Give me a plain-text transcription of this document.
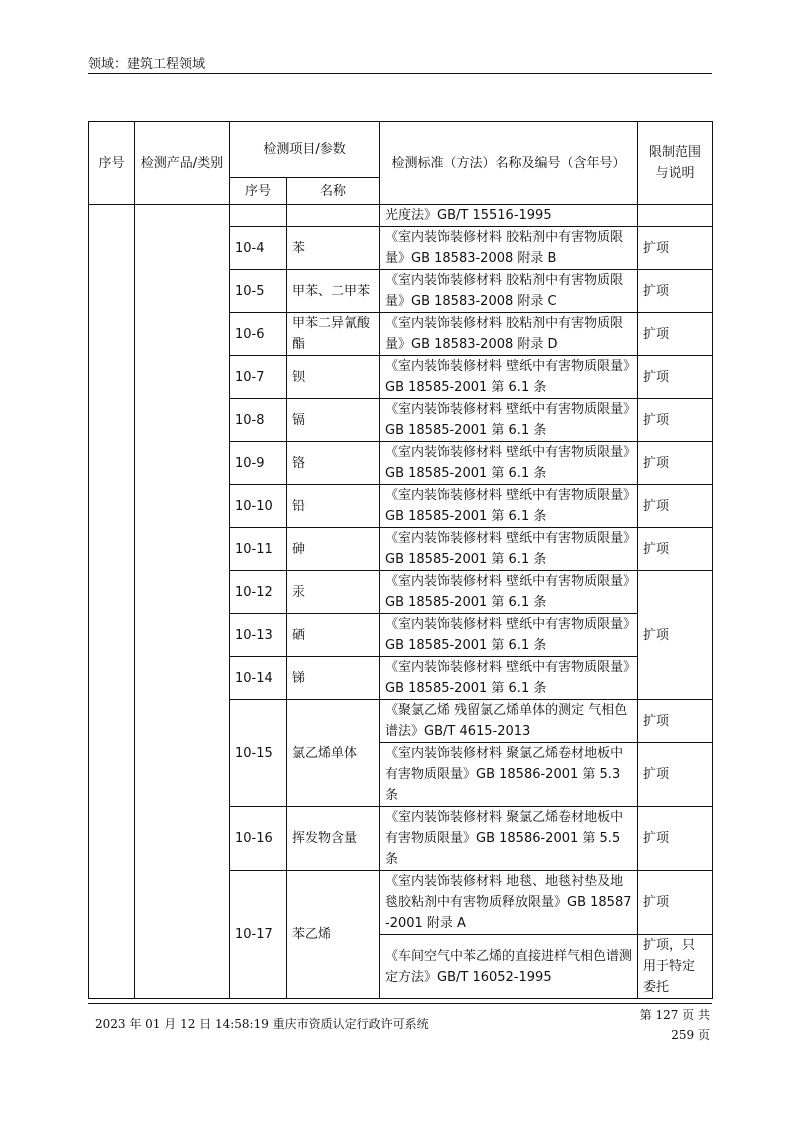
领域：建筑工程领域
序号	检测产品/类别	检测项目/参数		检测标准（方法）名称及编号（含年号）	限制范围与说明
		序号	名称		
				光度法》GB/T 15516-1995	
		10-4	苯	《室内装饰装修材料 胶粘剂中有害物质限量》GB 18583-2008 附录 B	扩项
		10-5	甲苯、二甲苯	《室内装饰装修材料 胶粘剂中有害物质限量》GB 18583-2008 附录 C	扩项
		10-6	甲苯二异氰酸酯	《室内装饰装修材料 胶粘剂中有害物质限量》GB 18583-2008 附录 D	扩项
		10-7	钡	《室内装饰装修材料 壁纸中有害物质限量》GB 18585-2001 第 6.1 条	扩项
		10-8	镉	《室内装饰装修材料 壁纸中有害物质限量》GB 18585-2001 第 6.1 条	扩项
		10-9	铬	《室内装饰装修材料 壁纸中有害物质限量》GB 18585-2001 第 6.1 条	扩项
		10-10	铅	《室内装饰装修材料 壁纸中有害物质限量》GB 18585-2001 第 6.1 条	扩项
		10-11	砷	《室内装饰装修材料 壁纸中有害物质限量》GB 18585-2001 第 6.1 条	扩项
		10-12	汞	《室内装饰装修材料 壁纸中有害物质限量》GB 18585-2001 第 6.1 条	扩项
		10-13	硒	《室内装饰装修材料 壁纸中有害物质限量》GB 18585-2001 第 6.1 条	
		10-14	锑	《室内装饰装修材料 壁纸中有害物质限量》GB 18585-2001 第 6.1 条	
		10-15	氯乙烯单体	《聚氯乙烯 残留氯乙烯单体的测定 气相色谱法》GB/T 4615-2013	扩项
				《室内装饰装修材料 聚氯乙烯卷材地板中有害物质限量》GB 18586-2001 第 5.3 条	扩项
		10-16	挥发物含量	《室内装饰装修材料 聚氯乙烯卷材地板中有害物质限量》GB 18586-2001 第 5.5 条	扩项
		10-17	苯乙烯	《室内装饰装修材料 地毯、地毯衬垫及地毯胶粘剂中有害物质释放限量》GB 18587-2001 附录 A	扩项
				《车间空气中苯乙烯的直接进样气相色谱测定方法》GB/T 16052-1995	扩项，只用于特定委托
2023 年 01 月 12 日 14:58:19 重庆市资质认定行政许可系统
第 127 页 共 259 页
